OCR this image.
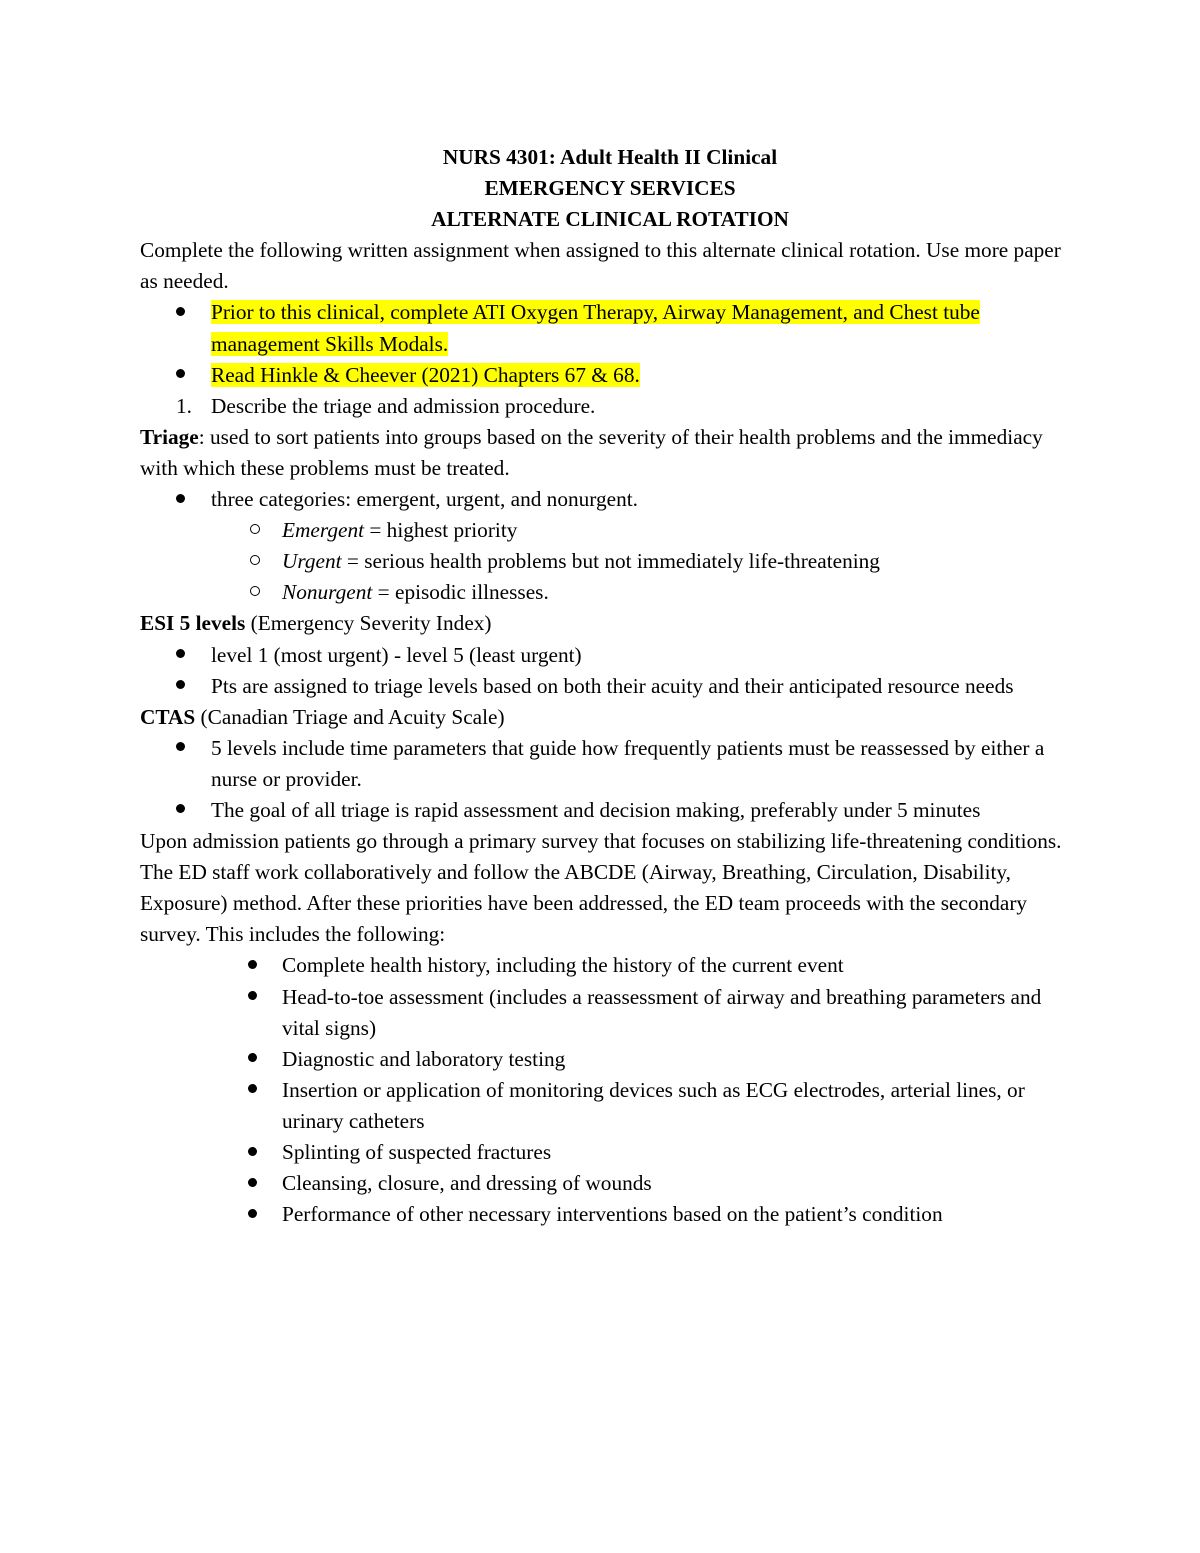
NURS 4301: Adult Health II Clinical
EMERGENCY SERVICES
ALTERNATE CLINICAL ROTATION

Complete the following written assignment when assigned to this alternate clinical rotation. Use more paper as needed.

Prior to this clinical, complete ATI Oxygen Therapy, Airway Management, and Chest tube management Skills Modals.
Read Hinkle & Cheever (2021) Chapters 67 & 68.
1. Describe the triage and admission procedure.

Triage: used to sort patients into groups based on the severity of their health problems and the immediacy with which these problems must be treated.

three categories: emergent, urgent, and nonurgent.
Emergent = highest priority
Urgent = serious health problems but not immediately life-threatening
Nonurgent = episodic illnesses.

ESI 5 levels (Emergency Severity Index)

level 1 (most urgent) - level 5 (least urgent)
Pts are assigned to triage levels based on both their acuity and their anticipated resource needs

CTAS (Canadian Triage and Acuity Scale)

5 levels include time parameters that guide how frequently patients must be reassessed by either a nurse or provider.
The goal of all triage is rapid assessment and decision making, preferably under 5 minutes

Upon admission patients go through a primary survey that focuses on stabilizing life-threatening conditions. The ED staff work collaboratively and follow the ABCDE (Airway, Breathing, Circulation, Disability, Exposure) method. After these priorities have been addressed, the ED team proceeds with the secondary survey. This includes the following:

Complete health history, including the history of the current event
Head-to-toe assessment (includes a reassessment of airway and breathing parameters and vital signs)
Diagnostic and laboratory testing
Insertion or application of monitoring devices such as ECG electrodes, arterial lines, or urinary catheters
Splinting of suspected fractures
Cleansing, closure, and dressing of wounds
Performance of other necessary interventions based on the patient’s condition
